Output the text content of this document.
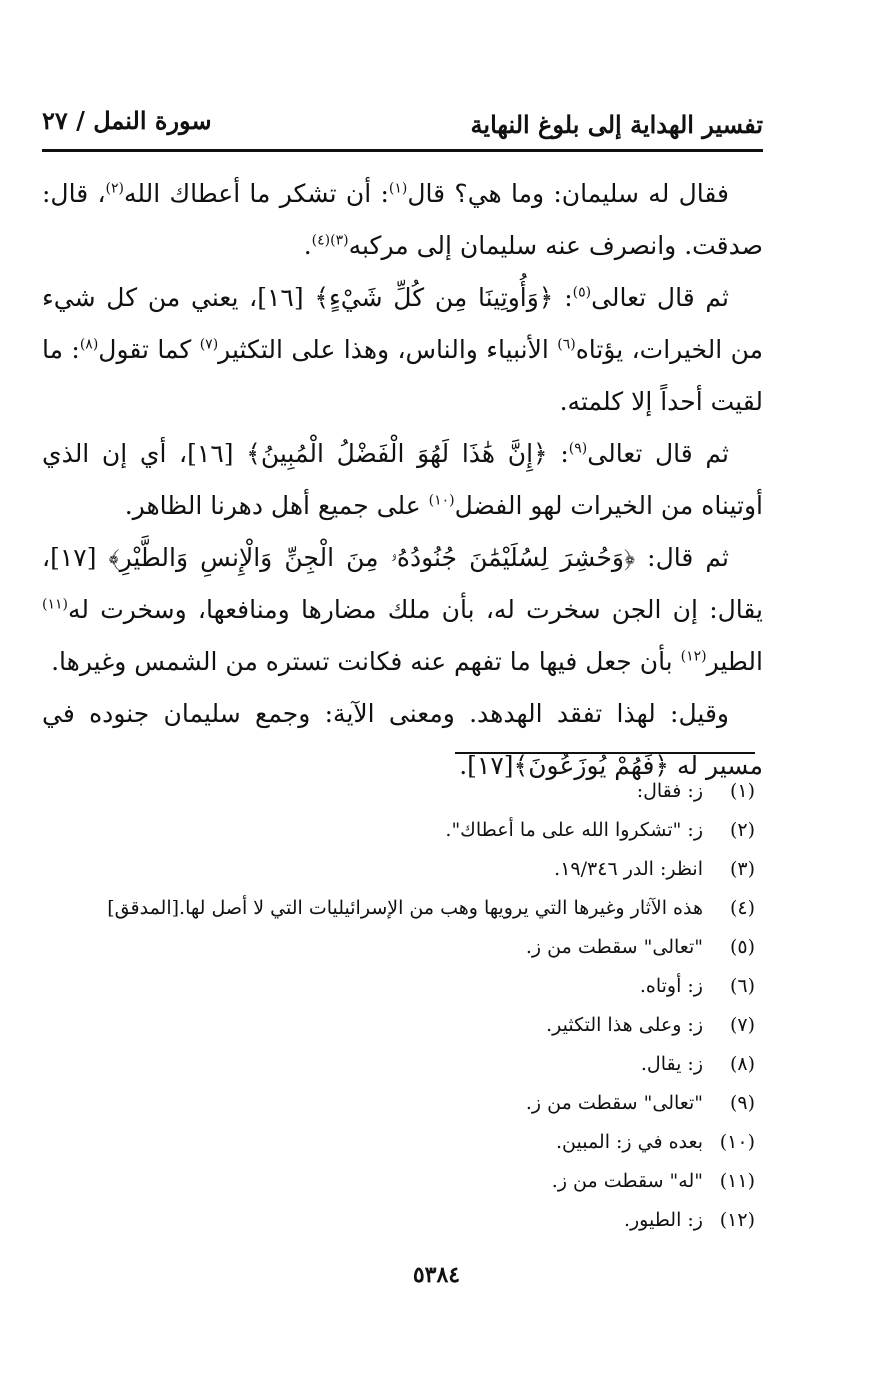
تفسير الهداية إلى بلوغ النهاية
سورة النمل / ٢٧

فقال له سليمان: وما هي؟ قال$^{(١)}$: أن تشكر ما أعطاك الله$^{(٢)}$، قال: صدقت. وانصرف عنه سليمان إلى مركبه$^{(٣)(٤)}$.

ثم قال تعالى$^{(٥)}$: ﴿وَأُوتِينَا مِن كُلِّ شَيْءٍ﴾ [١٦]، يعني من كل شيء من الخيرات، يؤتاه$^{(٦)}$ الأنبياء والناس، وهذا على التكثير$^{(٧)}$ كما تقول$^{(٨)}$: ما لقيت أحداً إلا كلمته.

ثم قال تعالى$^{(٩)}$: ﴿إِنَّ هَٰذَا لَهُوَ الْفَضْلُ الْمُبِينُ﴾ [١٦]، أي إن الذي أوتيناه من الخيرات لهو الفضل$^{(١٠)}$ على جميع أهل دهرنا الظاهر.

ثم قال: ﴿وَحُشِرَ لِسُلَيْمَٰنَ جُنُودُهُۥ مِنَ الْجِنِّ وَالْإِنسِ وَالطَّيْرِ﴾ [١٧]، يقال: إن الجن سخرت له، بأن ملك مضارها ومنافعها، وسخرت له$^{(١١)}$ الطير$^{(١٢)}$ بأن جعل فيها ما تفهم عنه فكانت تستره من الشمس وغيرها.

وقيل: لهذا تفقد الهدهد. ومعنى الآية: وجمع سليمان جنوده في مسير له ﴿فَهُمْ يُوزَعُونَ﴾[١٧].

(١)ز: فقال:
(٢)ز: "تشكروا الله على ما أعطاك".
(٣)انظر: الدر ١٩/٣٤٦.
(٤)هذه الآثار وغيرها التي يرويها وهب من الإسرائيليات التي لا أصل لها.[المدقق]
(٥)"تعالى" سقطت من ز.
(٦)ز: أوتاه.
(٧)ز: وعلى هذا التكثير.
(٨)ز: يقال.
(٩)"تعالى" سقطت من ز.
(١٠)بعده في ز: المبين.
(١١)"له" سقطت من ز.
(١٢)ز: الطيور.
٥٣٨٤
